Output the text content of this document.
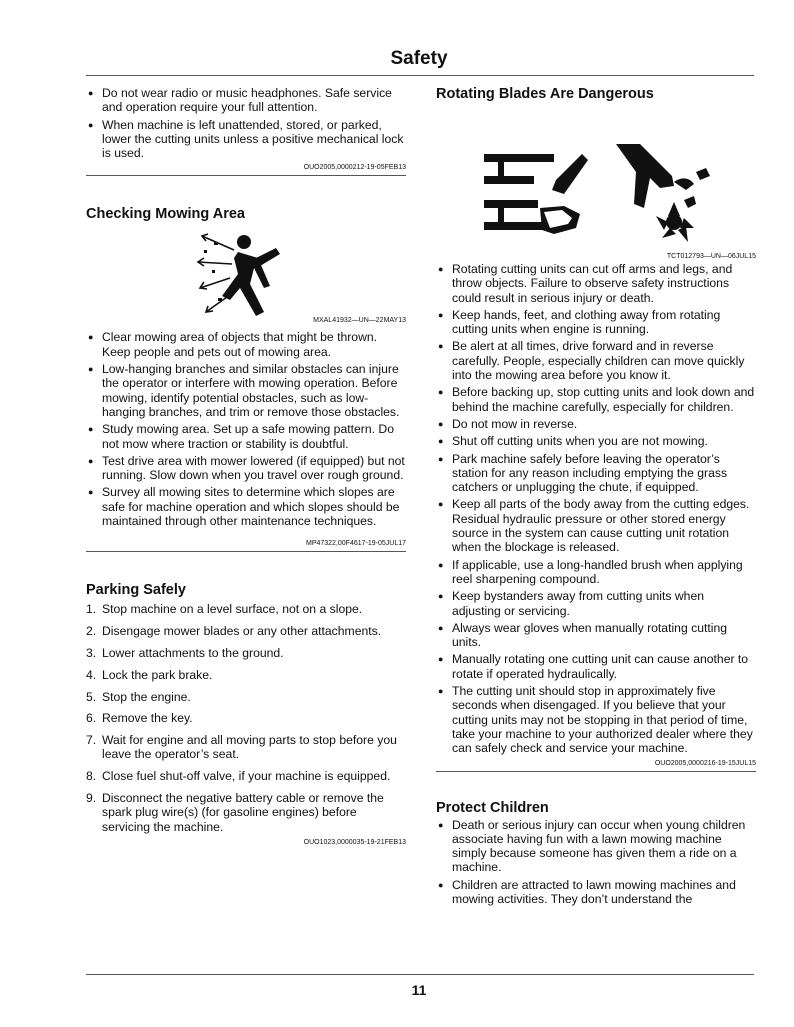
Safety
● Do not wear radio or music headphones. Safe service and operation require your full attention.
● When machine is left unattended, stored, or parked, lower the cutting units unless a positive mechanical lock is used.
OUO2005,0000212-19-05FEB13
Checking Mowing Area
MXAL41932—UN—22MAY13
● Clear mowing area of objects that might be thrown. Keep people and pets out of mowing area.
● Low-hanging branches and similar obstacles can injure the operator or interfere with mowing operation. Before mowing, identify potential obstacles, such as low-hanging branches, and trim or remove those obstacles.
● Study mowing area. Set up a safe mowing pattern. Do not mow where traction or stability is doubtful.
● Test drive area with mower lowered (if equipped) but not running. Slow down when you travel over rough ground.
● Survey all mowing sites to determine which slopes are safe for machine operation and which slopes should be maintained through other maintenance techniques.
MP47322,00F4617-19-05JUL17
Parking Safely
1. Stop machine on a level surface, not on a slope.
2. Disengage mower blades or any other attachments.
3. Lower attachments to the ground.
4. Lock the park brake.
5. Stop the engine.
6. Remove the key.
7. Wait for engine and all moving parts to stop before you leave the operator’s seat.
8. Close fuel shut-off valve, if your machine is equipped.
9. Disconnect the negative battery cable or remove the spark plug wire(s) (for gasoline engines) before servicing the machine.
OUO1023,0000035-19-21FEB13
Rotating Blades Are Dangerous
TCT012793—UN—06JUL15
● Rotating cutting units can cut off arms and legs, and throw objects. Failure to observe safety instructions could result in serious injury or death.
● Keep hands, feet, and clothing away from rotating cutting units when engine is running.
● Be alert at all times, drive forward and in reverse carefully. People, especially children can move quickly into the mowing area before you know it.
● Before backing up, stop cutting units and look down and behind the machine carefully, especially for children.
● Do not mow in reverse.
● Shut off cutting units when you are not mowing.
● Park machine safely before leaving the operator’s station for any reason including emptying the grass catchers or unplugging the chute, if equipped.
● Keep all parts of the body away from the cutting edges. Residual hydraulic pressure or other stored energy source in the system can cause cutting unit rotation when the blockage is released.
● If applicable, use a long-handled brush when applying reel sharpening compound.
● Keep bystanders away from cutting units when adjusting or servicing.
● Always wear gloves when manually rotating cutting units.
● Manually rotating one cutting unit can cause another to rotate if operated hydraulically.
● The cutting unit should stop in approximately five seconds when disengaged. If you believe that your cutting units may not be stopping in that period of time, take your machine to your authorized dealer where they can safely check and service your machine.
OUO2005,0000216-19-15JUL15
Protect Children
● Death or serious injury can occur when young children associate having fun with a lawn mowing machine simply because someone has given them a ride on a machine.
● Children are attracted to lawn mowing machines and mowing activities. They don’t understand the
11
